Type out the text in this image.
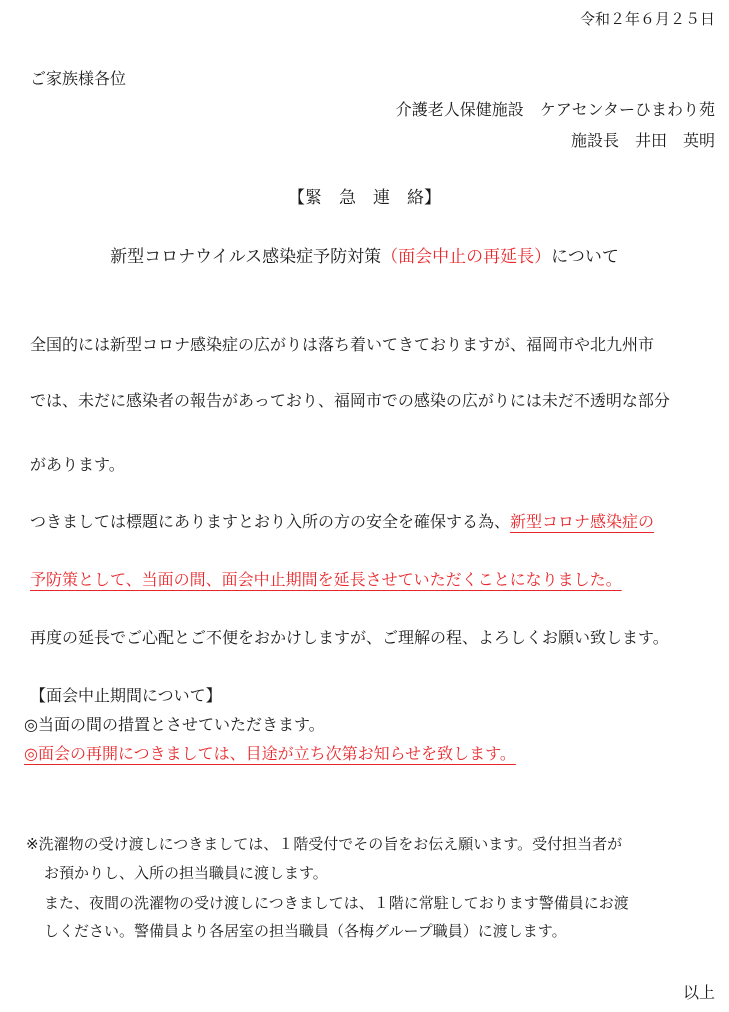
令和２年６月２５日
ご家族様各位
介護老人保健施設　ケアセンターひまわり苑
施設長　井田　英明
【緊　急　連　絡】
新型コロナウイルス感染症予防対策（面会中止の再延長）について
全国的には新型コロナ感染症の広がりは落ち着いてきておりますが、福岡市や北九州市
では、未だに感染者の報告があっており、福岡市での感染の広がりには未だ不透明な部分
があります。
つきましては標題にありますとおり入所の方の安全を確保する為、新型コロナ感染症の
予防策として、当面の間、面会中止期間を延長させていただくことになりました。
再度の延長でご心配とご不便をおかけしますが、ご理解の程、よろしくお願い致します。
【面会中止期間について】
◎当面の間の措置とさせていただきます。
◎面会の再開につきましては、目途が立ち次第お知らせを致します。
※洗濯物の受け渡しにつきましては、１階受付でその旨をお伝え願います。受付担当者が
お預かりし、入所の担当職員に渡します。
また、夜間の洗濯物の受け渡しにつきましては、１階に常駐しております警備員にお渡
しください。警備員より各居室の担当職員（各梅グループ職員）に渡します。
以上
